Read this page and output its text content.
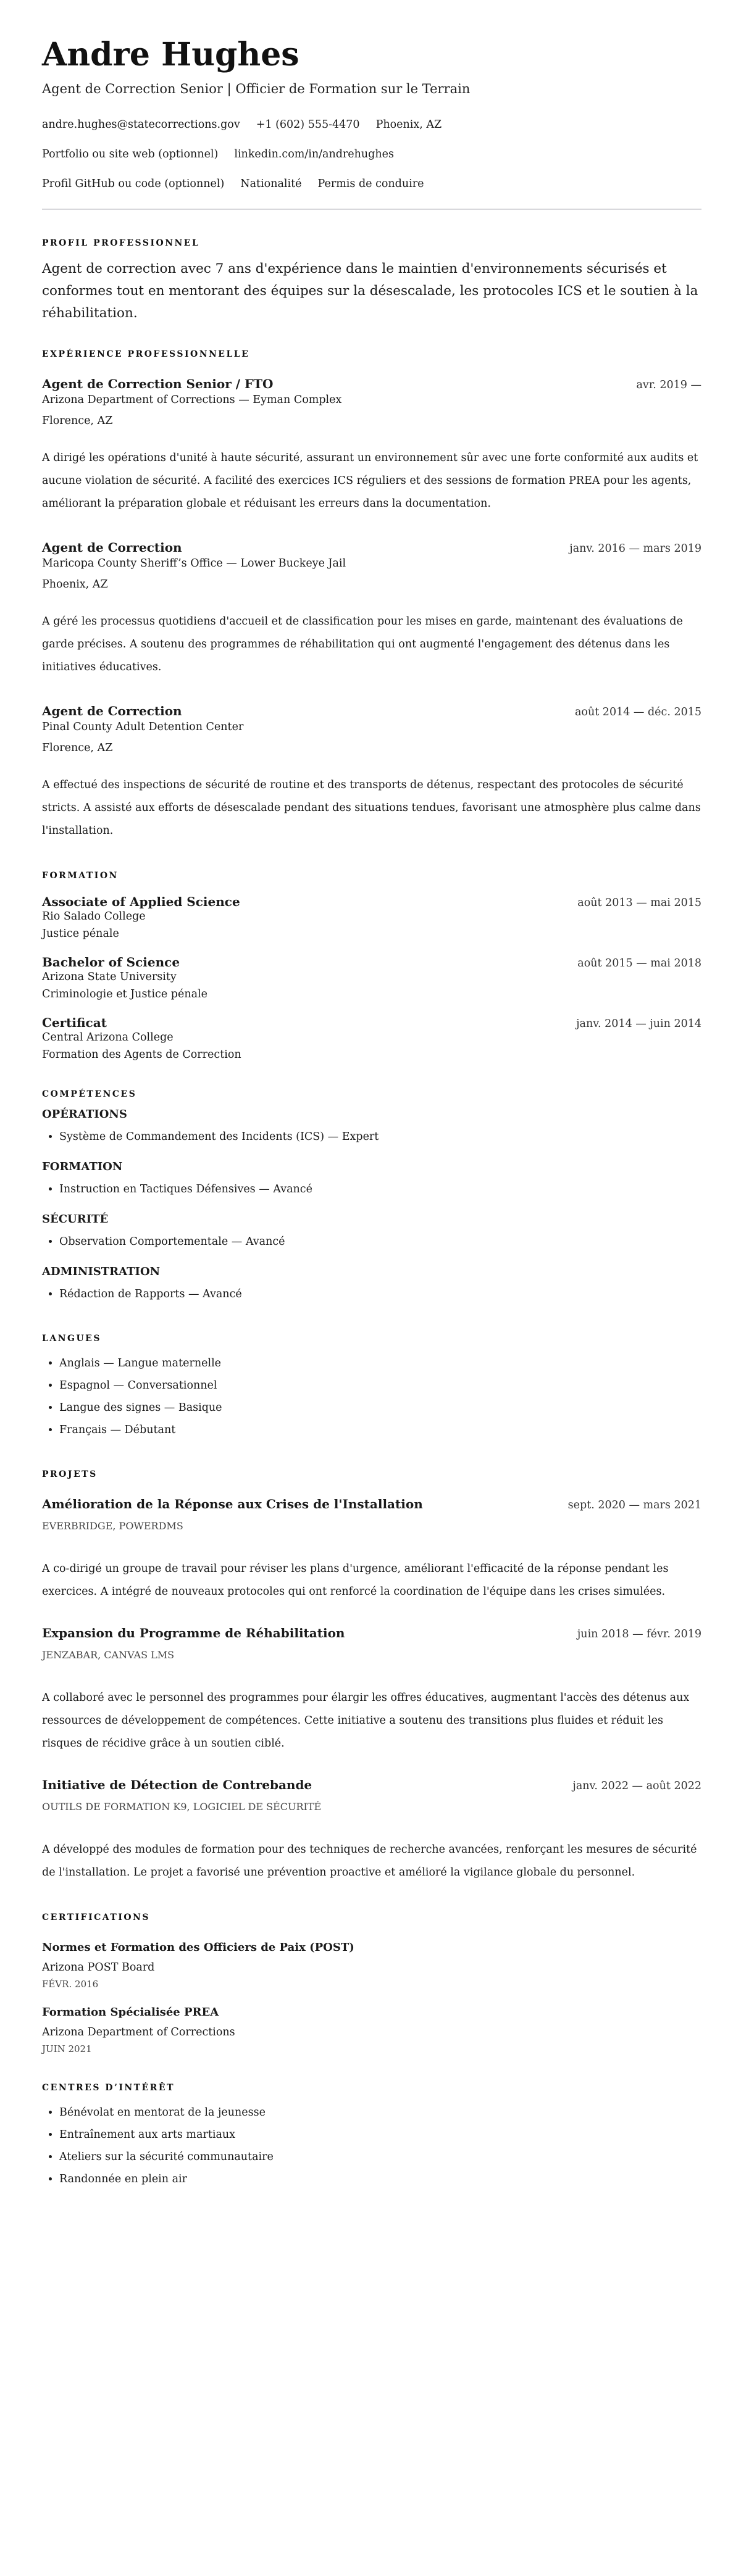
Andre Hughes
Agent de Correction Senior | Officier de Formation sur le Terrain
andre.hughes@statecorrections.gov +1 (602) 555-4470 Phoenix, AZ
Portfolio ou site web (optionnel) linkedin.com/in/andrehughes
Profil GitHub ou code (optionnel) Nationalité Permis de conduire
PROFIL PROFESSIONNEL

Agent de correction avec 7 ans d'expérience dans le maintien d'environnements sécurisés et conformes tout en mentorant des équipes sur la désescalade, les protocoles ICS et le soutien à la réhabilitation.

EXPÉRIENCE PROFESSIONNELLE
Agent de Correction Senior / FTO	avr. 2019 —
Arizona Department of Corrections — Eyman Complex
Florence, AZ
A dirigé les opérations d'unité à haute sécurité, assurant un environnement sûr avec une forte conformité aux audits et aucune violation de sécurité. A facilité des exercices ICS réguliers et des sessions de formation PREA pour les agents, améliorant la préparation globale et réduisant les erreurs dans la documentation.
Agent de Correction	janv. 2016 — mars 2019
Maricopa County Sheriff’s Office — Lower Buckeye Jail
Phoenix, AZ
A géré les processus quotidiens d'accueil et de classification pour les mises en garde, maintenant des évaluations de garde précises. A soutenu des programmes de réhabilitation qui ont augmenté l'engagement des détenus dans les initiatives éducatives.
Agent de Correction	août 2014 — déc. 2015
Pinal County Adult Detention Center
Florence, AZ
A effectué des inspections de sécurité de routine et des transports de détenus, respectant des protocoles de sécurité stricts. A assisté aux efforts de désescalade pendant des situations tendues, favorisant une atmosphère plus calme dans l'installation.
FORMATION
Associate of Applied Science	août 2013 — mai 2015
Rio Salado College
Justice pénale
Bachelor of Science	août 2015 — mai 2018
Arizona State University
Criminologie et Justice pénale
Certificat	janv. 2014 — juin 2014
Central Arizona College
Formation des Agents de Correction
COMPÉTENCES
OPÉRATIONS
• Système de Commandement des Incidents (ICS) — Expert
FORMATION
• Instruction en Tactiques Défensives — Avancé
SÉCURITÉ
• Observation Comportementale — Avancé
ADMINISTRATION
• Rédaction de Rapports — Avancé
LANGUES
• Anglais — Langue maternelle
• Espagnol — Conversationnel
• Langue des signes — Basique
• Français — Débutant
PROJETS
Amélioration de la Réponse aux Crises de l'Installation	sept. 2020 — mars 2021
EVERBRIDGE, POWERDMS
A co-dirigé un groupe de travail pour réviser les plans d'urgence, améliorant l'efficacité de la réponse pendant les exercices. A intégré de nouveaux protocoles qui ont renforcé la coordination de l'équipe dans les crises simulées.
Expansion du Programme de Réhabilitation	juin 2018 — févr. 2019
JENZABAR, CANVAS LMS
A collaboré avec le personnel des programmes pour élargir les offres éducatives, augmentant l'accès des détenus aux ressources de développement de compétences. Cette initiative a soutenu des transitions plus fluides et réduit les risques de récidive grâce à un soutien ciblé.
Initiative de Détection de Contrebande	janv. 2022 — août 2022
OUTILS DE FORMATION K9, LOGICIEL DE SÉCURITÉ
A développé des modules de formation pour des techniques de recherche avancées, renforçant les mesures de sécurité de l'installation. Le projet a favorisé une prévention proactive et amélioré la vigilance globale du personnel.
CERTIFICATIONS
Normes et Formation des Officiers de Paix (POST)
Arizona POST Board
FÉVR. 2016
Formation Spécialisée PREA
Arizona Department of Corrections
JUIN 2021
CENTRES D’INTÉRÊT
• Bénévolat en mentorat de la jeunesse
• Entraînement aux arts martiaux
• Ateliers sur la sécurité communautaire
• Randonnée en plein air
